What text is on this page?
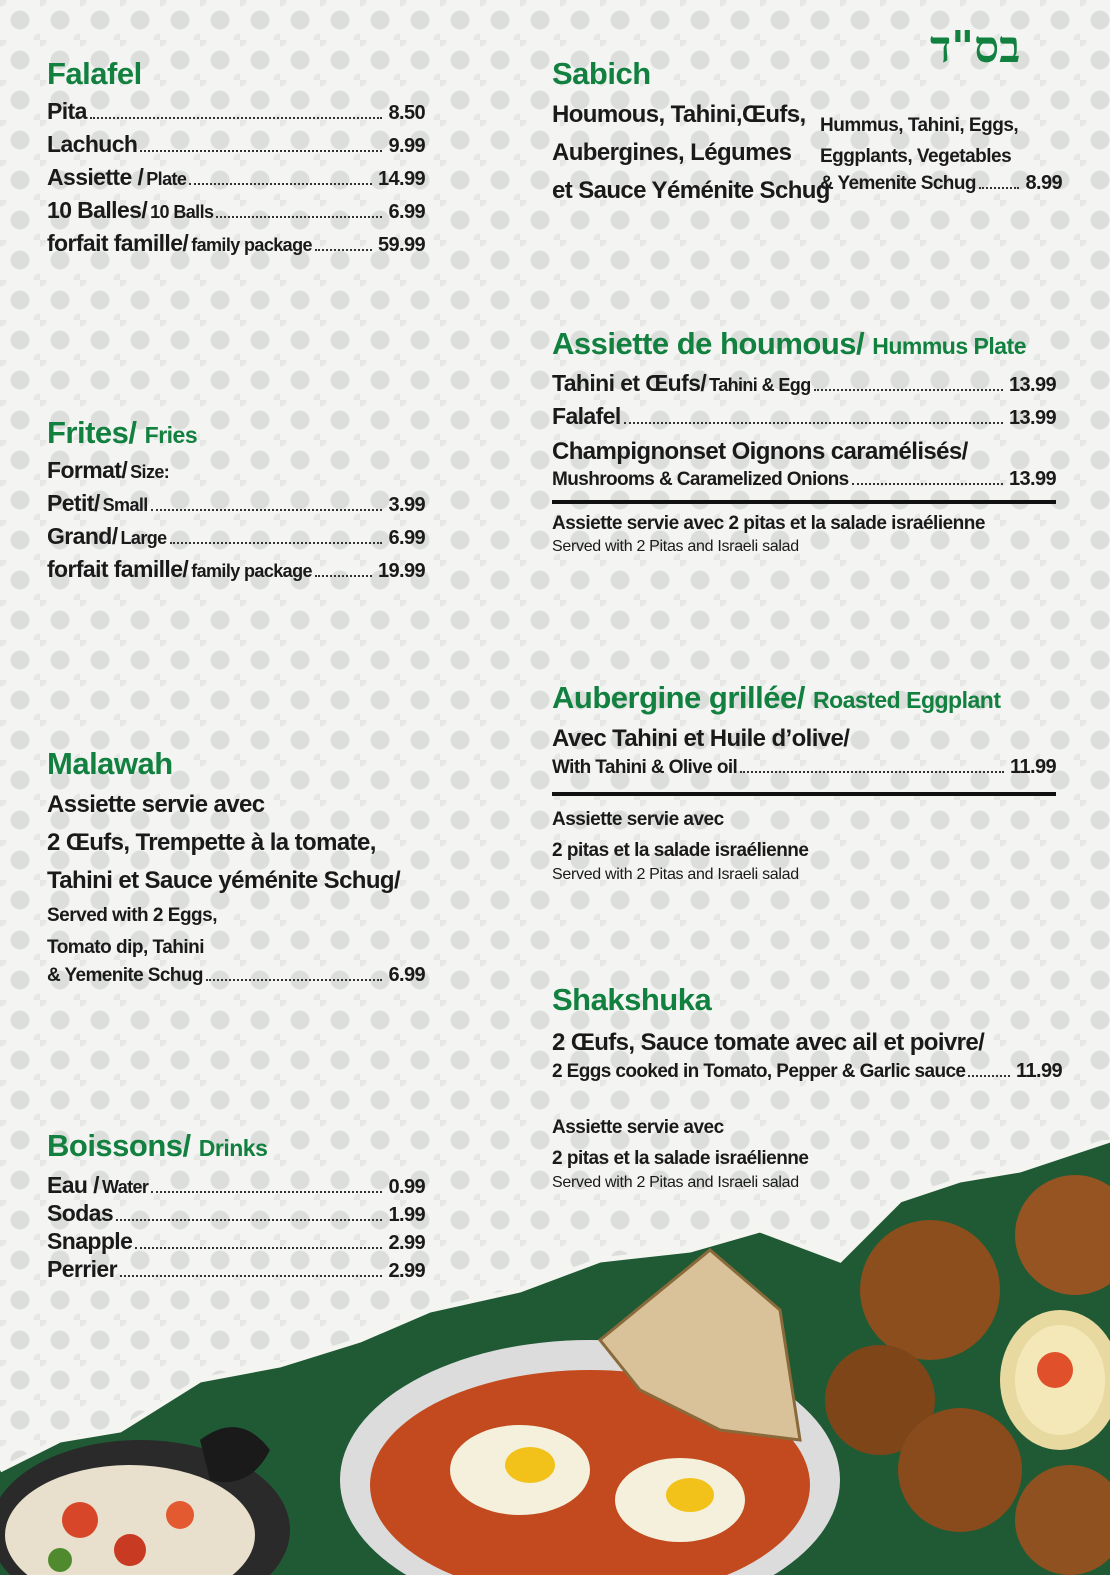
בס"ד
Falafel
Pita	8.50
Lachuch	9.99
Assiette / Plate	14.99
10 Balles/ 10 Balls	6.99
forfait famille/ family package	59.99
Frites/ Fries
Format/ Size:
Petit/ Small	3.99
Grand/ Large	6.99
forfait famille/ family package	19.99
Malawah
Assiette servie avec
2 Œufs, Trempette à la tomate,
Tahini et Sauce yéménite Schug/
Served with 2 Eggs,
Tomato dip, Tahini
& Yemenite Schug	6.99
Boissons/ Drinks
Eau / Water	0.99
Sodas	1.99
Snapple	2.99
Perrier	2.99
Sabich
Houmous, Tahini,Œufs,
Aubergines, Légumes
et Sauce Yéménite Schug
Hummus, Tahini, Eggs,
Eggplants, Vegetables
& Yemenite Schug 8.99
Assiette de houmous/ Hummus Plate
Tahini et Œufs/ Tahini & Egg	13.99
Falafel	13.99
Champignonset Oignons caramélisés/
Mushrooms & Caramelized Onions	13.99
Assiette servie avec 2 pitas et la salade israélienne
Served with 2 Pitas and Israeli salad
Aubergine grillée/ Roasted Eggplant
Avec Tahini et Huile d’olive/
With Tahini & Olive oil	11.99
Assiette servie avec
2 pitas et la salade israélienne
Served with 2 Pitas and Israeli salad
Shakshuka
2 Œufs, Sauce tomate avec ail et poivre/
2 Eggs cooked in Tomato, Pepper & Garlic sauce	11.99
Assiette servie avec
2 pitas et la salade israélienne
Served with 2 Pitas and Israeli salad
